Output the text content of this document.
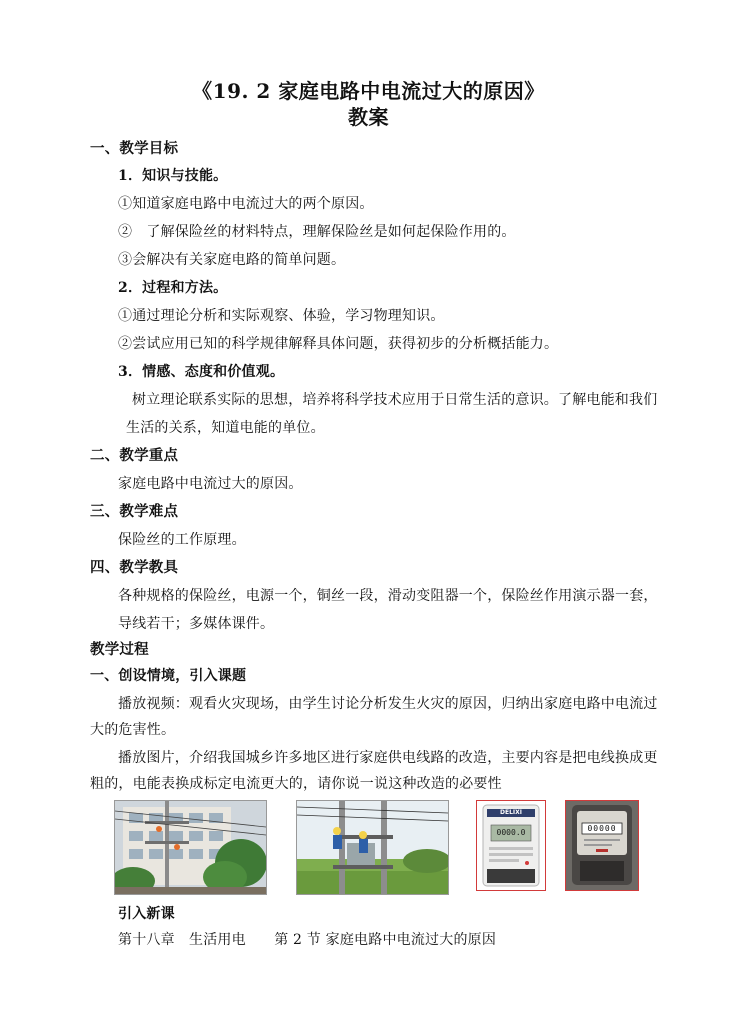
《19. 2 家庭电路中电流过大的原因》
教案
一、教学目标
1．知识与技能。
①知道家庭电路中电流过大的两个原因。
②　了解保险丝的材料特点，理解保险丝是如何起保险作用的。
③会解决有关家庭电路的简单问题。
2．过程和方法。
①通过理论分析和实际观察、体验，学习物理知识。
②尝试应用已知的科学规律解释具体问题，获得初步的分析概括能力。
3．情感、态度和价值观。
树立理论联系实际的思想，培养将科学技术应用于日常生活的意识。了解电能和我们
生活的关系，知道电能的单位。
二、教学重点
家庭电路中电流过大的原因。
三、教学难点
保险丝的工作原理。
四、教学教具
各种规格的保险丝，电源一个，铜丝一段，滑动变阻器一个，保险丝作用演示器一套，
导线若干；多媒体课件。
教学过程
一、创设情境，引入课题
播放视频：观看火灾现场，由学生讨论分析发生火灾的原因，归纳出家庭电路中电流过
大的危害性。
播放图片，介绍我国城乡许多地区进行家庭供电线路的改造，主要内容是把电线换成更
粗的，电能表换成标定电流更大的，请你说一说这种改造的必要性
DELIXI
0000.0	00000
引入新课
第十八章　生活用电　　第 2 节 家庭电路中电流过大的原因
